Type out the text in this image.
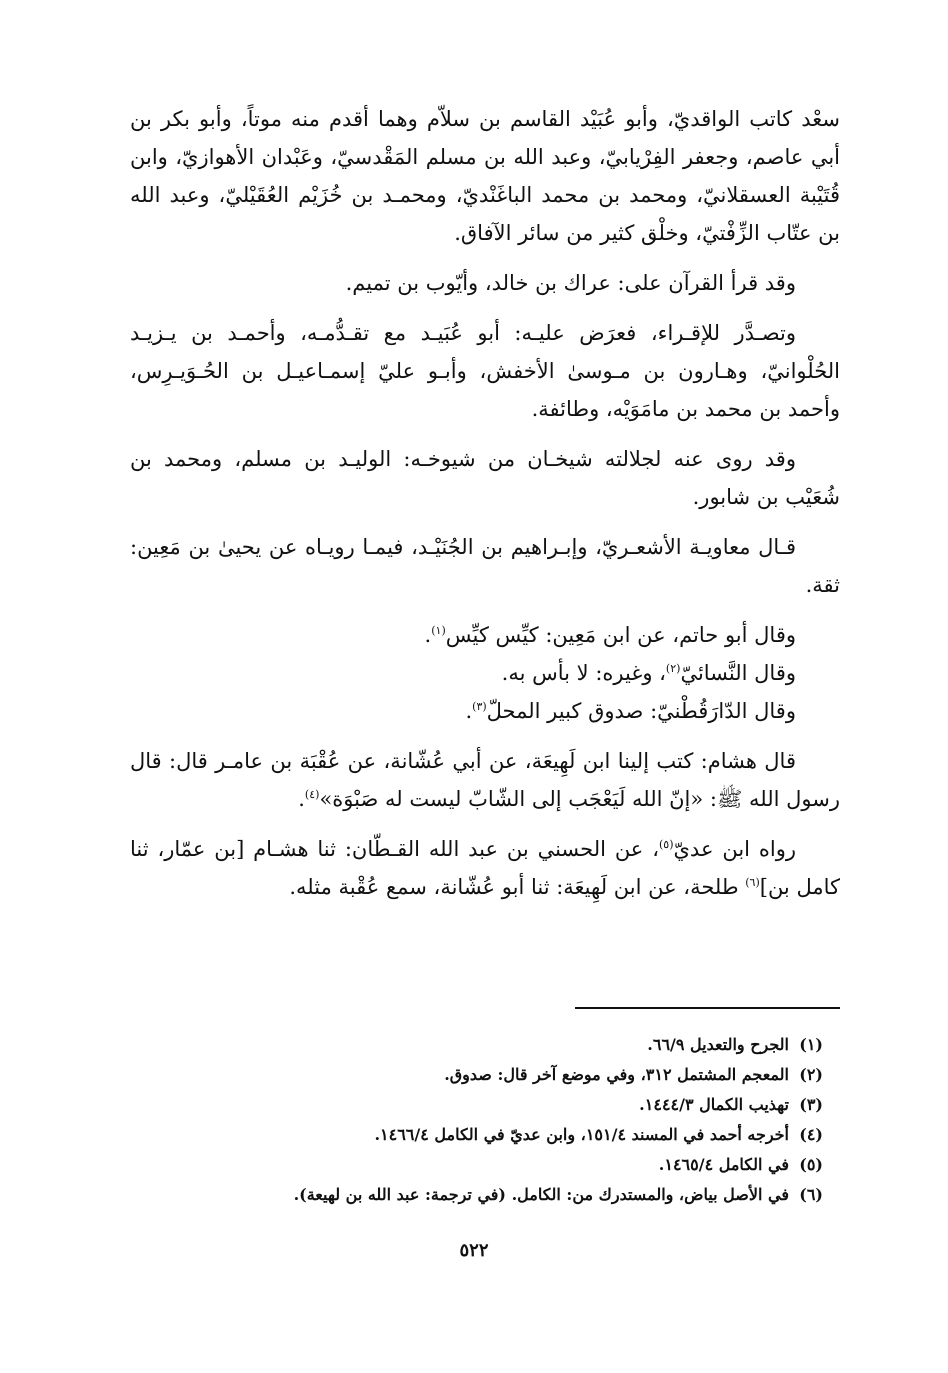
سعْد كاتب الواقديّ، وأبو عُبَيْد القاسم بن سلاّم وهما أقدم منه موتاً، وأبو بكر بن أبي عاصم، وجعفر الفِرْيابيّ، وعبد الله بن مسلم المَقْدسيّ، وعَبْدان الأهوازيّ، وابن قُتَيْبة العسقلانيّ، ومحمد بن محمد الباغَنْديّ، ومحمـد بن خُزَيْم العُقَيْليّ، وعبد الله بن عتّاب الزِّفْتيّ، وخلْق كثير من سائر الآفاق.

وقد قرأ القرآن على: عراك بن خالد، وأيّوب بن تميم.

وتصـدَّر للإقـراء، فعرَض عليـه: أبو عُبَيـد مع تقـدُّمـه، وأحمـد بن يـزيـد الحُلْوانيّ، وهـارون بن مـوسىٰ الأخفش، وأبـو عليّ إسمـاعيـل بن الحُـوَيـرِس، وأحمد بن محمد بن مامَوَيْه، وطائفة.

وقد روى عنه لجلالته شيخـان من شيوخـه: الوليـد بن مسلم، ومحمد بن شُعَيْب بن شابور.

قـال معاويـة الأشعـريّ، وإبـراهيم بن الجُنَيْـد، فيمـا رويـاه عن يحيىٰ بن مَعِين: ثقة.

وقال أبو حاتم، عن ابن مَعِين: كيِّس كيِّس$^{(١)}$.
وقال النَّسائيّ$^{(٢)}$، وغيره: لا بأس به.
وقال الدّارَقُطْنيّ: صدوق كبير المحلّ$^{(٣)}$.

قال هشام: كتب إلينا ابن لَهِيعَة، عن أبي عُشّانة، عن عُقْبَة بن عامـر قال: قال رسول الله ﷺ: «إنّ الله لَيَعْجَب إلى الشّابّ ليست له صَبْوَة»$^{(٤)}$.

رواه ابن عديّ$^{(٥)}$، عن الحسني بن عبد الله القـطّان: ثنا هشـام [بن عمّار، ثنا كامل بن]$^{(٦)}$ طلحة، عن ابن لَهِيعَة: ثنا أبو عُشّانة، سمع عُقْبة مثله.

(١)الجرح والتعديل ٦٦/٩.
(٢)المعجم المشتمل ٣١٢، وفي موضع آخر قال: صدوق.
(٣)تهذيب الكمال ١٤٤٤/٣.
(٤)أخرجه أحمد في المسند ١٥١/٤، وابن عديّ في الكامل ١٤٦٦/٤.
(٥)في الكامل ١٤٦٥/٤.
(٦)في الأصل بياض، والمستدرك من: الكامل. (في ترجمة: عبد الله بن لهيعة).
٥٢٢
